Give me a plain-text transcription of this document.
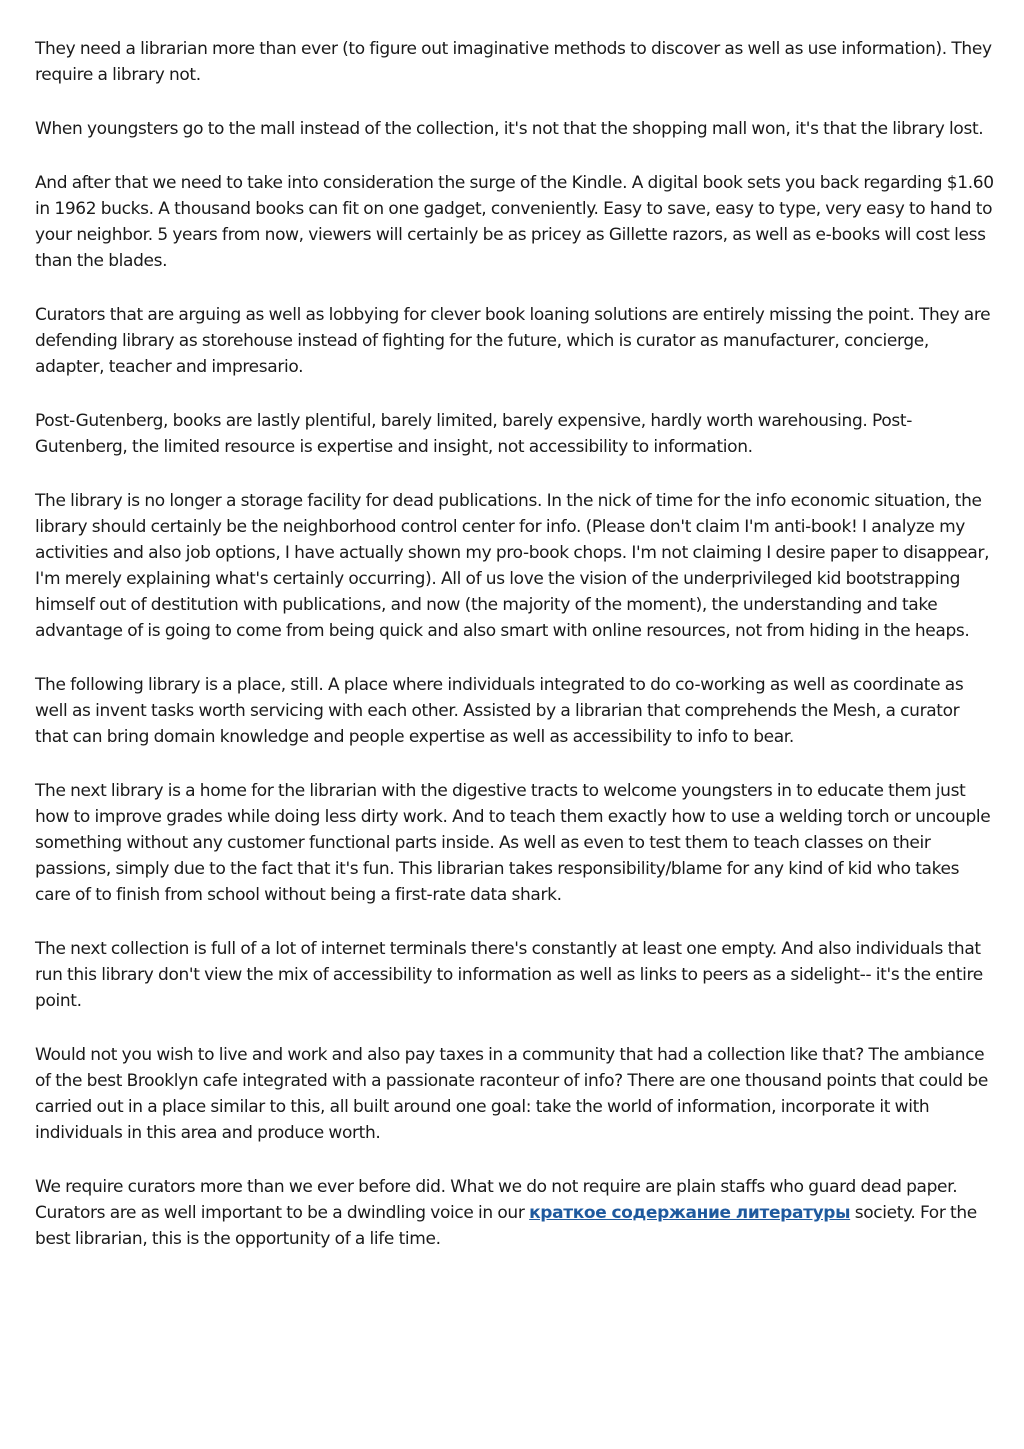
They need a librarian more than ever (to figure out imaginative methods to discover as well as use information). They require a library not.

When youngsters go to the mall instead of the collection, it's not that the shopping mall won, it's that the library lost.

And after that we need to take into consideration the surge of the Kindle. A digital book sets you back regarding $1.60 in 1962 bucks. A thousand books can fit on one gadget, conveniently. Easy to save, easy to type, very easy to hand to your neighbor. 5 years from now, viewers will certainly be as pricey as Gillette razors, as well as e-books will cost less than the blades.

Curators that are arguing as well as lobbying for clever book loaning solutions are entirely missing the point. They are defending library as storehouse instead of fighting for the future, which is curator as manufacturer, concierge, adapter, teacher and impresario.

Post-Gutenberg, books are lastly plentiful, barely limited, barely expensive, hardly worth warehousing. Post-Gutenberg, the limited resource is expertise and insight, not accessibility to information.

The library is no longer a storage facility for dead publications. In the nick of time for the info economic situation, the library should certainly be the neighborhood control center for info. (Please don't claim I'm anti-book! I analyze my activities and also job options, I have actually shown my pro-book chops. I'm not claiming I desire paper to disappear, I'm merely explaining what's certainly occurring). All of us love the vision of the underprivileged kid bootstrapping himself out of destitution with publications, and now (the majority of the moment), the understanding and take advantage of is going to come from being quick and also smart with online resources, not from hiding in the heaps.

The following library is a place, still. A place where individuals integrated to do co-working as well as coordinate as well as invent tasks worth servicing with each other. Assisted by a librarian that comprehends the Mesh, a curator that can bring domain knowledge and people expertise as well as accessibility to info to bear.

The next library is a home for the librarian with the digestive tracts to welcome youngsters in to educate them just how to improve grades while doing less dirty work. And to teach them exactly how to use a welding torch or uncouple something without any customer functional parts inside. As well as even to test them to teach classes on their passions, simply due to the fact that it's fun. This librarian takes responsibility/blame for any kind of kid who takes care of to finish from school without being a first-rate data shark.

The next collection is full of a lot of internet terminals there's constantly at least one empty. And also individuals that run this library don't view the mix of accessibility to information as well as links to peers as a sidelight-- it's the entire point.

Would not you wish to live and work and also pay taxes in a community that had a collection like that? The ambiance of the best Brooklyn cafe integrated with a passionate raconteur of info? There are one thousand points that could be carried out in a place similar to this, all built around one goal: take the world of information, incorporate it with individuals in this area and produce worth.

We require curators more than we ever before did. What we do not require are plain staffs who guard dead paper. Curators are as well important to be a dwindling voice in our краткое содержание литературы society. For the best librarian, this is the opportunity of a life time.
